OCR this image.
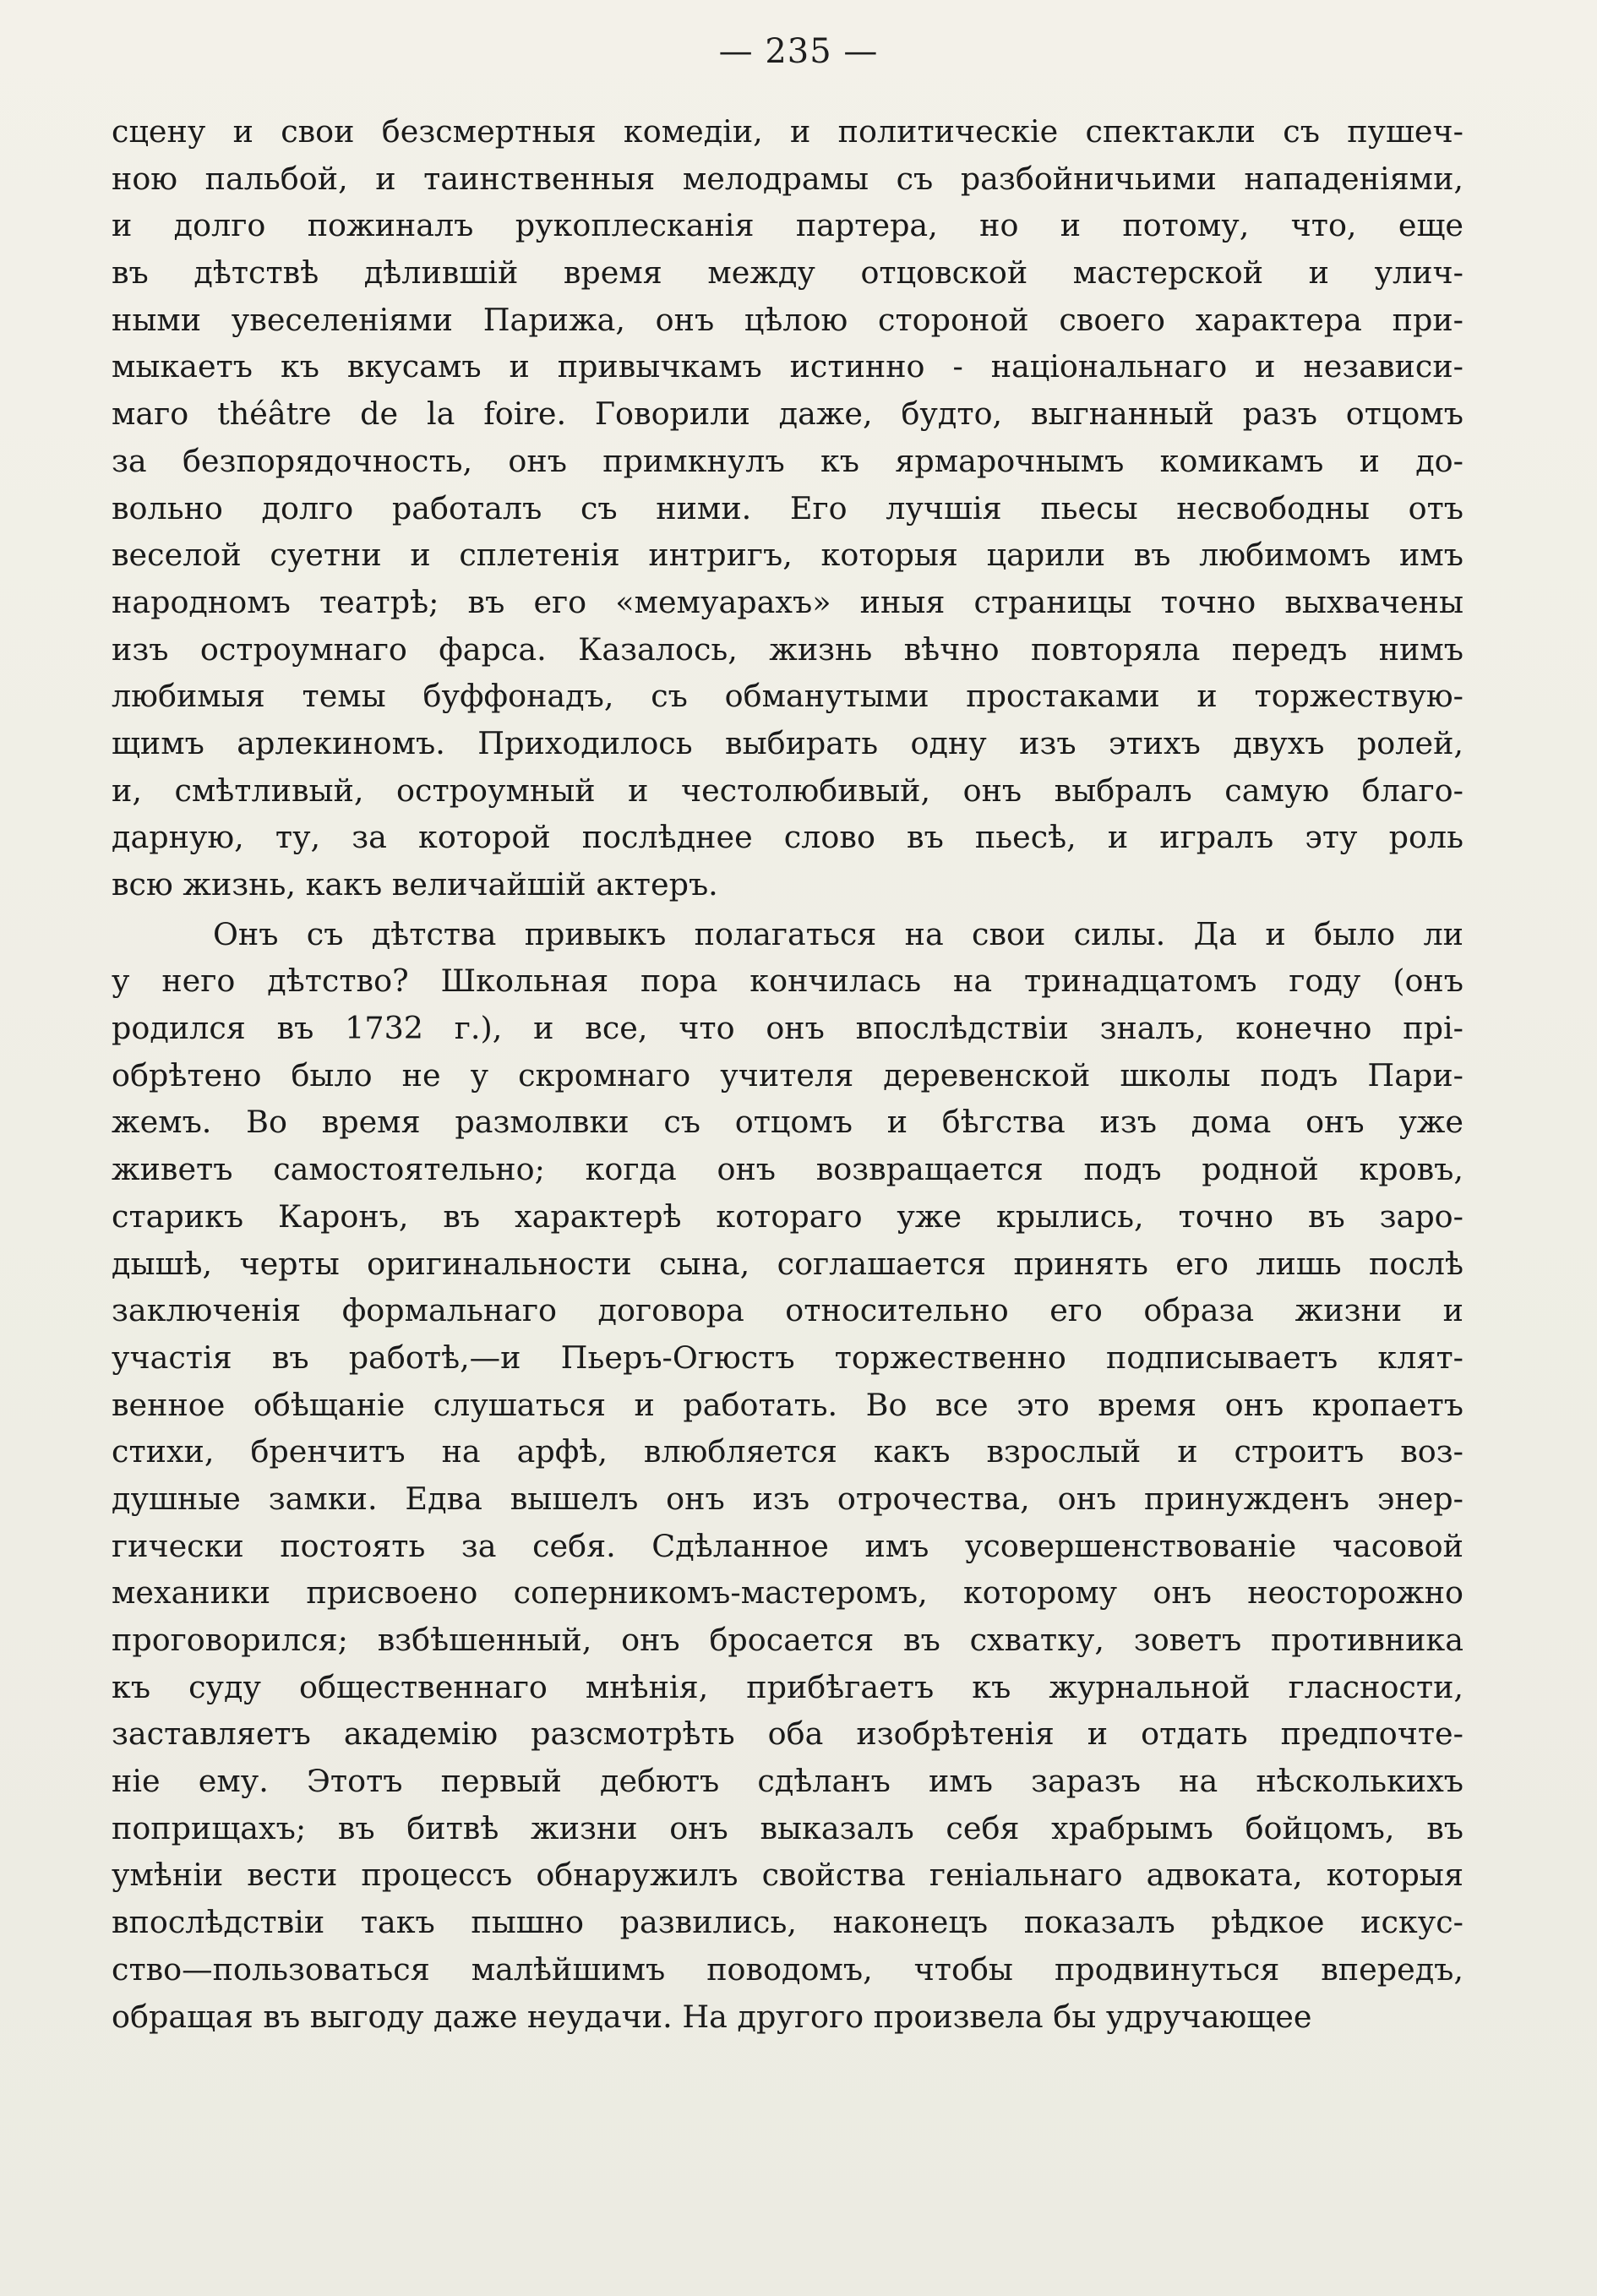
— 235 —
сцену и свои безсмертныя комедіи, и политическіе спектакли съ пушеч-
ною пальбой, и таинственныя мелодрамы съ разбойничьими нападеніями,
и долго пожиналъ рукоплесканія партера, но и потому, что, еще
въ дѣтствѣ дѣлившій время между отцовской мастерской и улич-
ными увеселеніями Парижа, онъ цѣлою стороной своего характера при-
мыкаетъ къ вкусамъ и привычкамъ истинно - національнаго и независи-
маго théâtre de la foire. Говорили даже, будто, выгнанный разъ отцомъ
за безпорядочность, онъ примкнулъ къ ярмарочнымъ комикамъ и до-
вольно долго работалъ съ ними. Его лучшія пьесы несвободны отъ
веселой суетни и сплетенія интригъ, которыя царили въ любимомъ имъ
народномъ театрѣ; въ его «мемуарахъ» иныя страницы точно выхвачены
изъ остроумнаго фарса. Казалось, жизнь вѣчно повторяла передъ нимъ
любимыя темы буффонадъ, съ обманутыми простаками и торжествую-
щимъ арлекиномъ. Приходилось выбирать одну изъ этихъ двухъ ролей,
и, смѣтливый, остроумный и честолюбивый, онъ выбралъ самую благо-
дарную, ту, за которой послѣднее слово въ пьесѣ, и игралъ эту роль
всю жизнь, какъ величайшій актеръ.
Онъ съ дѣтства привыкъ полагаться на свои силы. Да и было ли
у него дѣтство? Школьная пора кончилась на тринадцатомъ году (онъ
родился въ 1732 г.), и все, что онъ впослѣдствіи зналъ, конечно прі-
обрѣтено было не у скромнаго учителя деревенской школы подъ Пари-
жемъ. Во время размолвки съ отцомъ и бѣгства изъ дома онъ уже
живетъ самостоятельно; когда онъ возвращается подъ родной кровъ,
старикъ Каронъ, въ характерѣ котораго уже крылись, точно въ заро-
дышѣ, черты оригинальности сына, соглашается принять его лишь послѣ
заключенія формальнаго договора относительно его образа жизни и
участія въ работѣ,—и Пьеръ-Огюстъ торжественно подписываетъ клят-
венное обѣщаніе слушаться и работать. Во все это время онъ кропаетъ
стихи, бренчитъ на арфѣ, влюбляется какъ взрослый и строитъ воз-
душные замки. Едва вышелъ онъ изъ отрочества, онъ принужденъ энер-
гически постоять за себя. Сдѣланное имъ усовершенствованіе часовой
механики присвоено соперникомъ-мастеромъ, которому онъ неосторожно
проговорился; взбѣшенный, онъ бросается въ схватку, зоветъ противника
къ суду общественнаго мнѣнія, прибѣгаетъ къ журнальной гласности,
заставляетъ академію разсмотрѣть оба изобрѣтенія и отдать предпочте-
ніе ему. Этотъ первый дебютъ сдѣланъ имъ заразъ на нѣсколькихъ
поприщахъ; въ битвѣ жизни онъ выказалъ себя храбрымъ бойцомъ, въ
умѣніи вести процессъ обнаружилъ свойства геніальнаго адвоката, которыя
впослѣдствіи такъ пышно развились, наконецъ показалъ рѣдкое искус-
ство—пользоваться малѣйшимъ поводомъ, чтобы продвинуться впередъ,
обращая въ выгоду даже неудачи. На другого произвела бы удручающее
